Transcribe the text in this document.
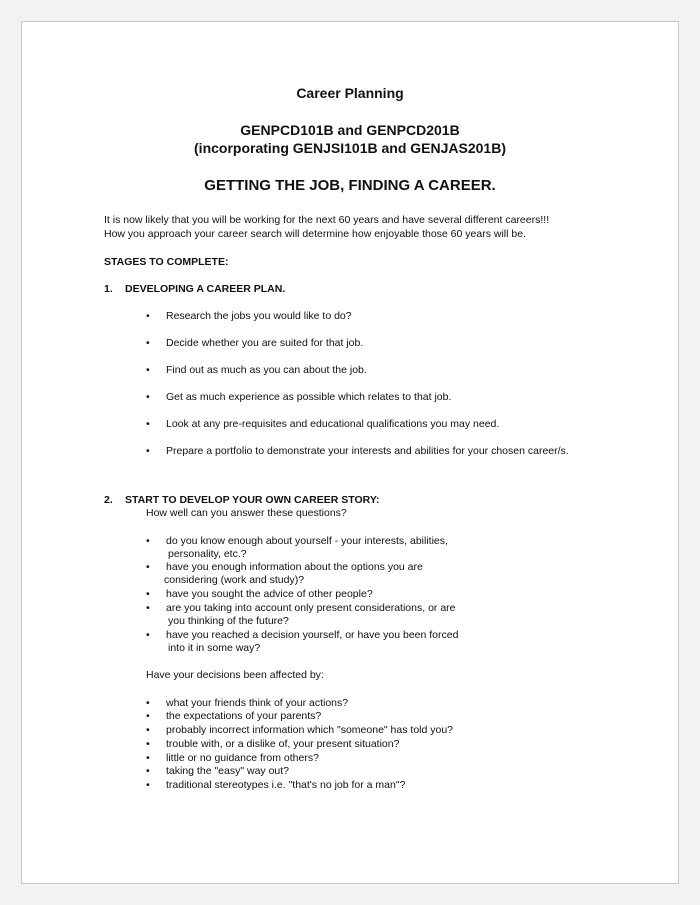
Career Planning
GENPCD101B and GENPCD201B
(incorporating GENJSI101B and GENJAS201B)
GETTING THE JOB, FINDING A CAREER.
It is now likely that you will be working for the next 60 years and have several different careers!!!
How you approach your career search will determine how enjoyable those 60 years will be.
STAGES TO COMPLETE:
1. DEVELOPING A CAREER PLAN.
• Research the jobs you would like to do?
• Decide whether you are suited for that job.
• Find out as much as you can about the job.
• Get as much experience as possible which relates to that job.
• Look at any pre-requisites and educational qualifications you may need.
• Prepare a portfolio to demonstrate your interests and abilities for your chosen career/s.
2. START TO DEVELOP YOUR OWN CAREER STORY:
How well can you answer these questions?
• do you know enough about yourself - your interests, abilities,
personality, etc.?
• have you enough information about the options you are
considering (work and study)?
• have you sought the advice of other people?
• are you taking into account only present considerations, or are
you thinking of the future?
• have you reached a decision yourself, or have you been forced
into it in some way?
Have your decisions been affected by:
• what your friends think of your actions?
• the expectations of your parents?
• probably incorrect information which "someone" has told you?
• trouble with, or a dislike of, your present situation?
• little or no guidance from others?
• taking the "easy" way out?
• traditional stereotypes i.e. "that's no job for a man"?
